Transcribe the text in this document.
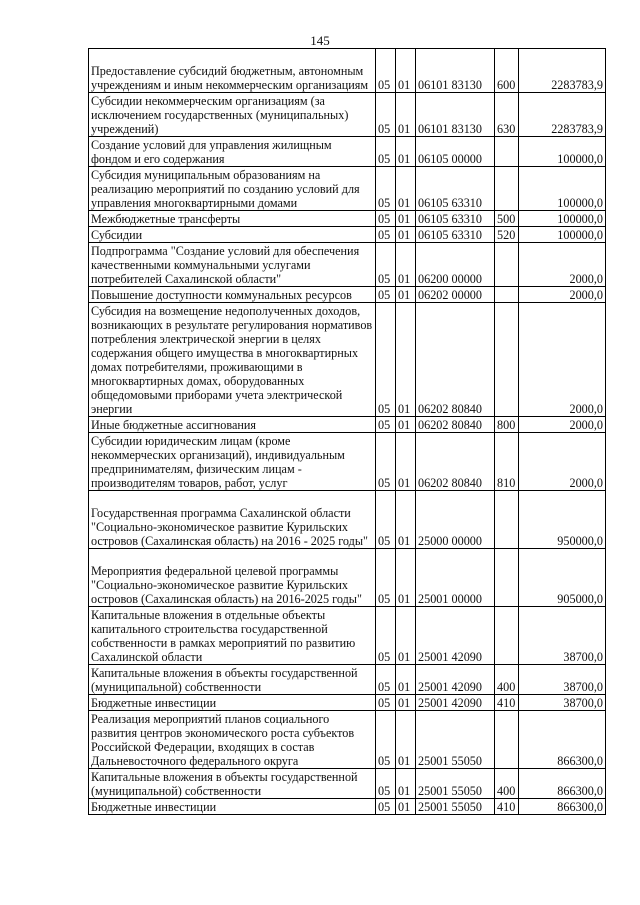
145
Предоставление субсидий бюджетным, автономным учреждениям и иным некоммерческим организациям	05	01	06101 83130	600	2283783,9
Субсидии некоммерческим организациям (за исключением государственных (муниципальных) учреждений)	05	01	06101 83130	630	2283783,9
Создание условий для управления жилищным фондом и его содержания	05	01	06105 00000		100000,0
Субсидия муниципальным образованиям на реализацию мероприятий по созданию условий для управления многоквартирными домами	05	01	06105 63310		100000,0
Межбюджетные трансферты	05	01	06105 63310	500	100000,0
Субсидии	05	01	06105 63310	520	100000,0
Подпрограмма "Создание условий для обеспечения качественными коммунальными услугами потребителей Сахалинской области"	05	01	06200 00000		2000,0
Повышение доступности коммунальных ресурсов	05	01	06202 00000		2000,0
Субсидия на возмещение недополученных доходов, возникающих в результате регулирования нормативов потребления электрической энергии в целях содержания общего имущества в многоквартирных домах потребителями, проживающими в многоквартирных домах, оборудованных общедомовыми приборами учета электрической энергии	05	01	06202 80840		2000,0
Иные бюджетные ассигнования	05	01	06202 80840	800	2000,0
Субсидии юридическим лицам (кроме некоммерческих организаций), индивидуальным предпринимателям, физическим лицам - производителям товаров, работ, услуг	05	01	06202 80840	810	2000,0
Государственная программа Сахалинской области "Социально-экономическое развитие Курильских островов (Сахалинская область) на 2016 - 2025 годы"	05	01	25000 00000		950000,0
Мероприятия федеральной целевой программы "Социально-экономическое развитие Курильских островов (Сахалинская область) на 2016-2025 годы"	05	01	25001 00000		905000,0
Капитальные вложения в отдельные объекты капитального строительства государственной собственности в рамках мероприятий по развитию Сахалинской области	05	01	25001 42090		38700,0
Капитальные вложения в объекты государственной (муниципальной) собственности	05	01	25001 42090	400	38700,0
Бюджетные инвестиции	05	01	25001 42090	410	38700,0
Реализация мероприятий планов социального развития центров экономического роста субъектов Российской Федерации, входящих в состав Дальневосточного федерального округа	05	01	25001 55050		866300,0
Капитальные вложения в объекты государственной (муниципальной) собственности	05	01	25001 55050	400	866300,0
Бюджетные инвестиции	05	01	25001 55050	410	866300,0
